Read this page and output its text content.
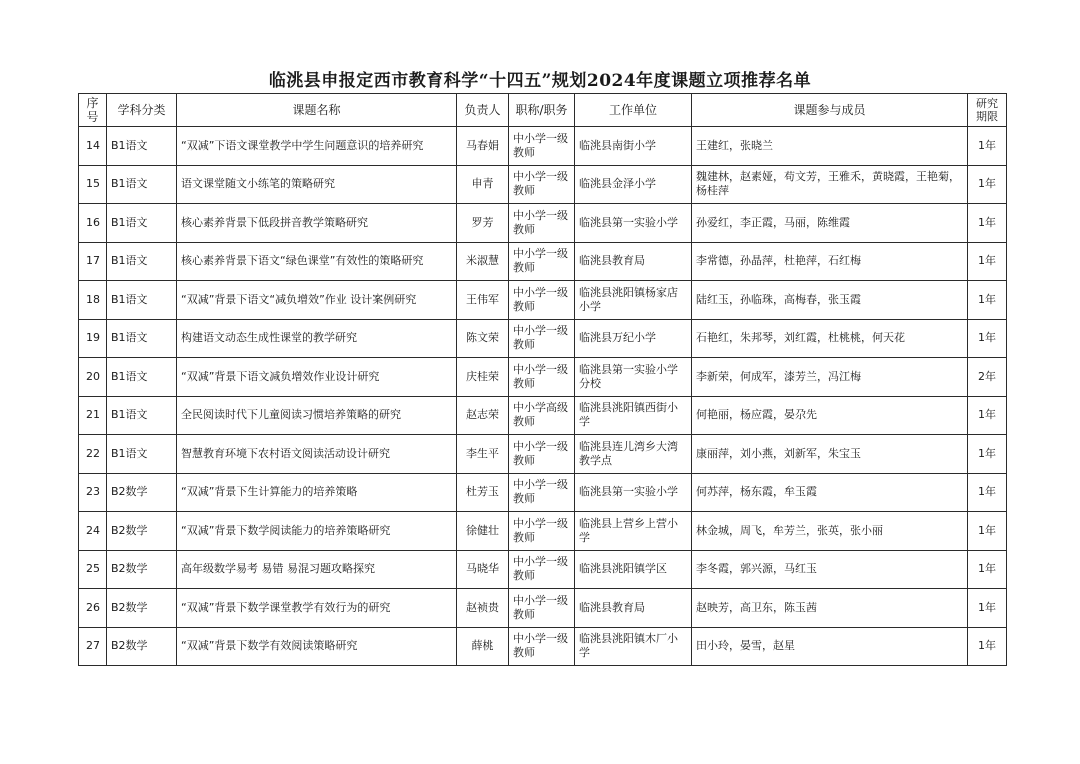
临洮县申报定西市教育科学“十四五”规划2024年度课题立项推荐名单
序号	学科分类	课题名称	负责人	职称/职务	工作单位	课题参与成员	研究期限
14	B1语文	“双减”下语文课堂教学中学生问题意识的培养研究	马春娟	中小学一级教师	临洮县南街小学	王建红，张晓兰	1年
15	B1语文	语文课堂随文小练笔的策略研究	申青	中小学一级教师	临洮县金泽小学	魏建林，赵素娅，苟文芳，王雅禾，黄晓霞，王艳菊，杨桂萍	1年
16	B1语文	核心素养背景下低段拼音教学策略研究	罗芳	中小学一级教师	临洮县第一实验小学	孙爱红，李正霞，马丽，陈维霞	1年
17	B1语文	核心素养背景下语文“绿色课堂”有效性的策略研究	米淑慧	中小学一级教师	临洮县教育局	李常德，孙晶萍，杜艳萍，石红梅	1年
18	B1语文	“双减”背景下语文“减负增效”作业 设计案例研究	王伟军	中小学一级教师	临洮县洮阳镇杨家店小学	陆红玉，孙临珠，高梅春，张玉霞	1年
19	B1语文	构建语文动态生成性课堂的教学研究	陈文荣	中小学一级教师	临洮县万纪小学	石艳红，朱邦琴，刘红霞，杜桃桃，何天花	1年
20	B1语文	“双减”背景下语文减负增效作业设计研究	庆桂荣	中小学一级教师	临洮县第一实验小学分校	李新荣，何成军，漆芳兰，冯江梅	2年
21	B1语文	全民阅读时代下儿童阅读习惯培养策略的研究	赵志荣	中小学高级教师	临洮县洮阳镇西街小学	何艳丽，杨应霞，晏尕先	1年
22	B1语文	智慧教育环境下农村语文阅读活动设计研究	李生平	中小学一级教师	临洮县连儿湾乡大湾教学点	康丽萍，刘小燕，刘新军，朱宝玉	1年
23	B2数学	“双减”背景下生计算能力的培养策略	杜芳玉	中小学一级教师	临洮县第一实验小学	何苏萍，杨东霞，牟玉霞	1年
24	B2数学	“双减”背景下数学阅读能力的培养策略研究	徐健壮	中小学一级教师	临洮县上营乡上营小学	林金城，周飞，牟芳兰，张英，张小丽	1年
25	B2数学	高年级数学易考 易错 易混习题攻略探究	马晓华	中小学一级教师	临洮县洮阳镇学区	李冬霞，郭兴源，马红玉	1年
26	B2数学	“双减”背景下数学课堂教学有效行为的研究	赵祯贵	中小学一级教师	临洮县教育局	赵映芳，高卫东，陈玉茜	1年
27	B2数学	“双减”背景下数学有效阅读策略研究	薛桃	中小学一级教师	临洮县洮阳镇木厂小学	田小玲，晏雪，赵星	1年
